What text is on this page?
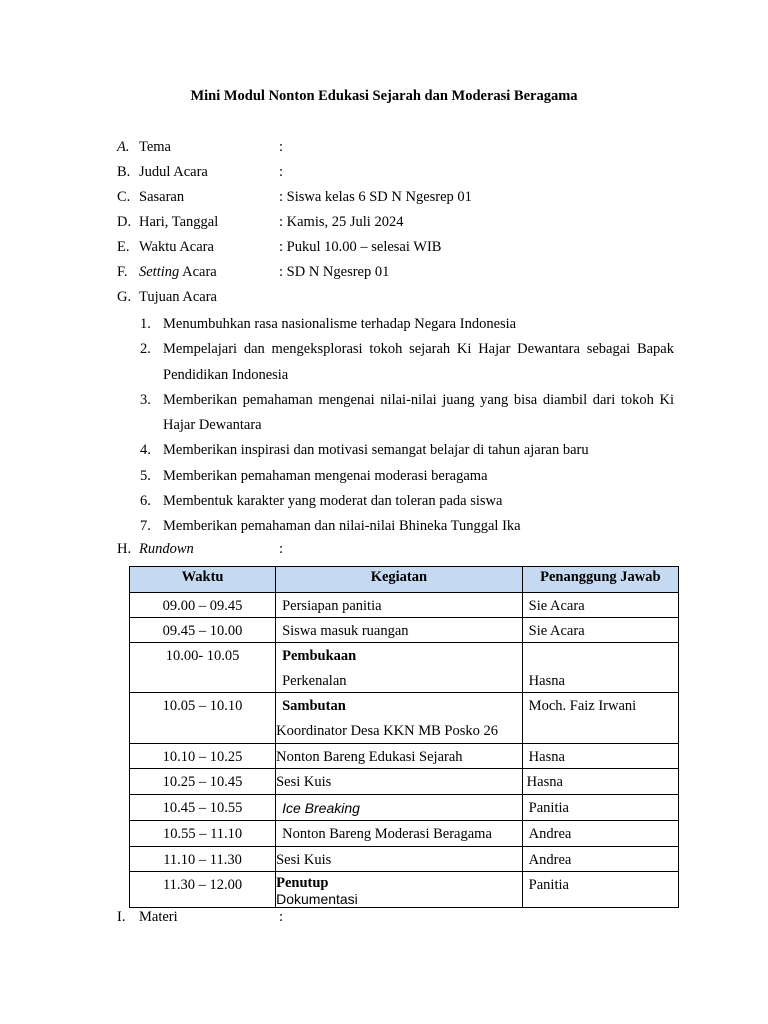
Mini Modul Nonton Edukasi Sejarah dan Moderasi Beragama
A. Tema	:
B. Judul Acara	:
C. Sasaran	: Siswa kelas 6 SD N Ngesrep 01
D. Hari, Tanggal	: Kamis, 25 Juli 2024
E. Waktu Acara	: Pukul 10.00 – selesai WIB
F. Setting Acara	: SD N Ngesrep 01
G. Tujuan Acara
1. Menumbuhkan rasa nasionalisme terhadap Negara Indonesia
2. Mempelajari dan mengeksplorasi tokoh sejarah Ki Hajar Dewantara sebagai Bapak Pendidikan Indonesia
3. Memberikan pemahaman mengenai nilai-nilai juang yang bisa diambil dari tokoh Ki Hajar Dewantara
4. Memberikan inspirasi dan motivasi semangat belajar di tahun ajaran baru
5. Memberikan pemahaman mengenai moderasi beragama
6. Membentuk karakter yang moderat dan toleran pada siswa
7. Memberikan pemahaman dan nilai-nilai Bhineka Tunggal Ika
H. Rundown	:
Waktu	Kegiatan	Penanggung Jawab

09.00 – 09.45	Persiapan panitia	Sie Acara

09.45 – 10.00	Siswa masuk ruangan	Sie Acara

10.00- 10.05	Pembukaan
Perkenalan	Hasna

10.05 – 10.10	Sambutan
Koordinator Desa KKN MB Posko 26	Moch. Faiz Irwani

10.10 – 10.25	Nonton Bareng Edukasi Sejarah	Hasna

10.25 – 10.45	Sesi Kuis	Hasna

10.45 – 10.55	Ice Breaking	Panitia

10.55 – 11.10	Nonton Bareng Moderasi Beragama	Andrea

11.10 – 11.30	Sesi Kuis	Andrea

11.30 – 12.00	Penutup
Dokumentasi	Panitia
I. Materi	:
